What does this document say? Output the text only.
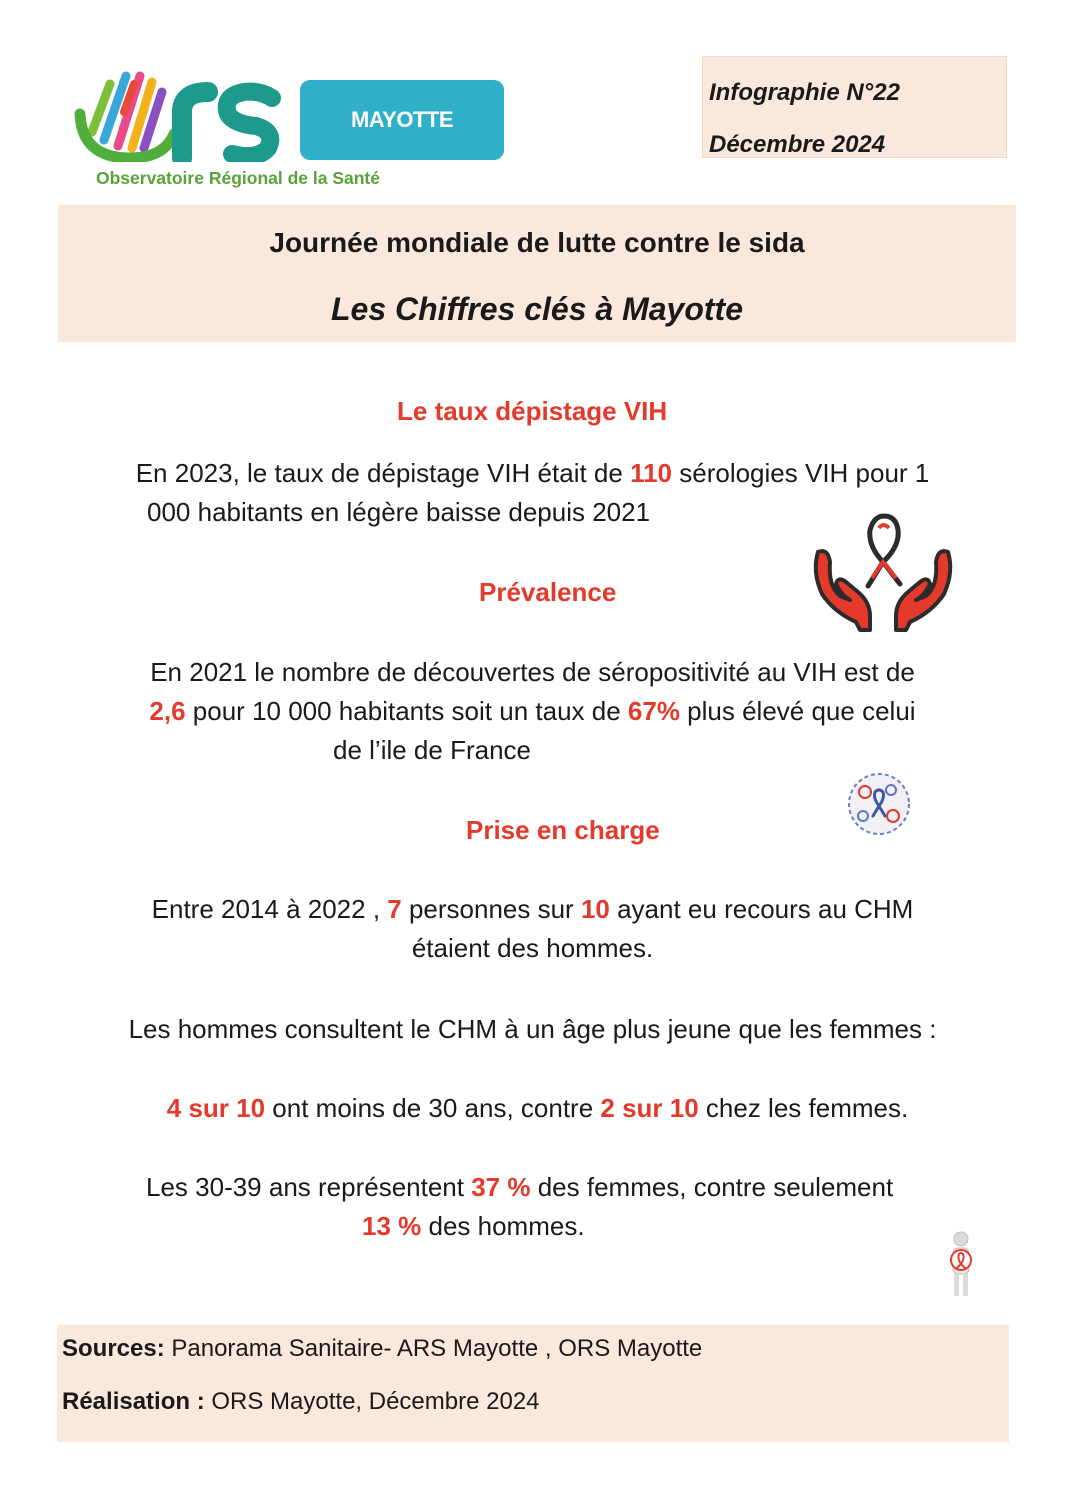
MAYOTTE
Observatoire Régional de la Santé
Infographie N°22
Décembre 2024
Journée mondiale de lutte contre le sida
Les Chiffres clés à Mayotte
Le taux dépistage VIH
En 2023, le taux de dépistage VIH était de 110 sérologies VIH pour 1
000 habitants en légère baisse depuis 2021
Prévalence
En 2021 le nombre de découvertes de séropositivité au VIH est de
2,6 pour 10 000 habitants soit un taux de 67% plus élevé que celui
de l’ile de France
Prise en charge
Entre 2014 à 2022 , 7 personnes sur 10 ayant eu recours au CHM
étaient des hommes.
Les hommes consultent le CHM à un âge plus jeune que les femmes :
4 sur 10 ont moins de 30 ans, contre 2 sur 10 chez les femmes.
Les 30-39 ans représentent 37 % des femmes, contre seulement
13 % des hommes.
Sources: Panorama Sanitaire- ARS Mayotte , ORS Mayotte
Réalisation : ORS Mayotte, Décembre 2024
